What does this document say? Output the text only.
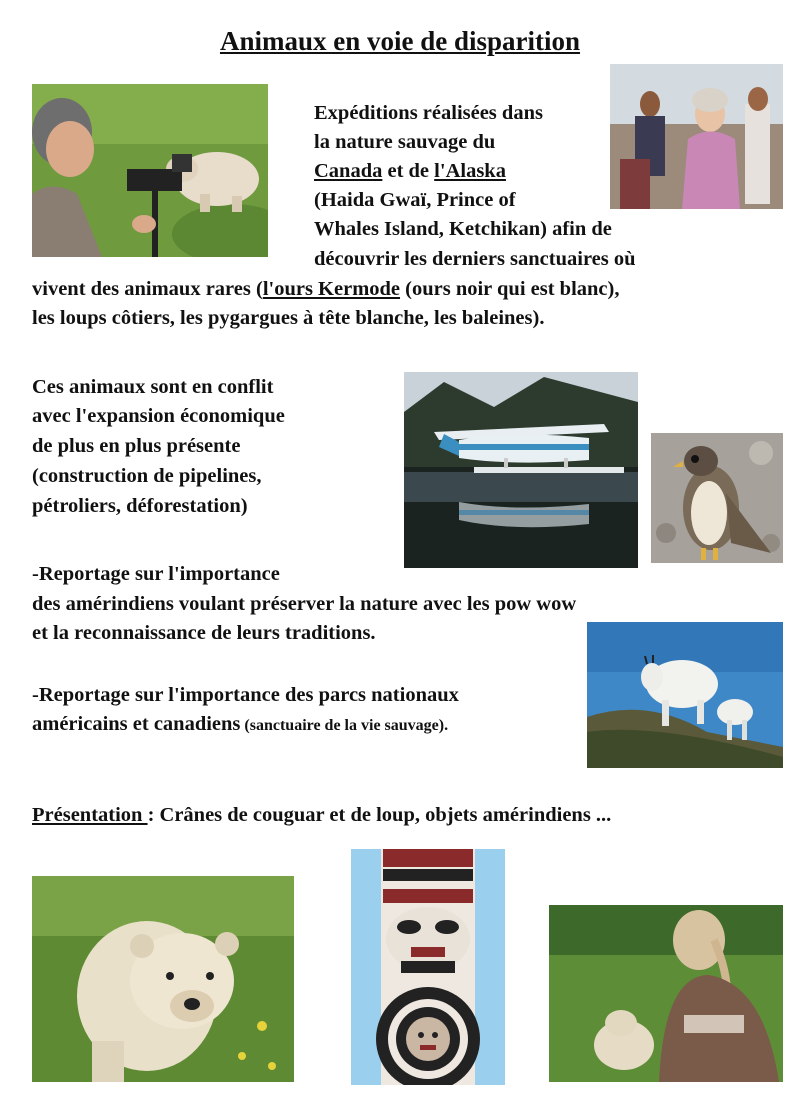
Animaux en voie de disparition
Expéditions réalisées dans
la nature sauvage du
Canada et de l'Alaska
(Haida Gwaï, Prince of
Whales Island, Ketchikan) afin de
découvrir les derniers sanctuaires où
vivent des animaux rares (l'ours Kermode (ours noir qui est blanc),
les loups côtiers, les pygargues à tête blanche, les baleines).
Ces animaux sont en conflit
avec l'expansion économique
de plus en plus présente
(construction de pipelines,
pétroliers, déforestation)
-Reportage sur l'importance
des amérindiens voulant préserver la nature avec les pow wow
et la reconnaissance de leurs traditions.
-Reportage sur l'importance des parcs nationaux
américains et canadiens (sanctuaire de la vie sauvage).
Présentation : Crânes de couguar et de loup, objets amérindiens ...
